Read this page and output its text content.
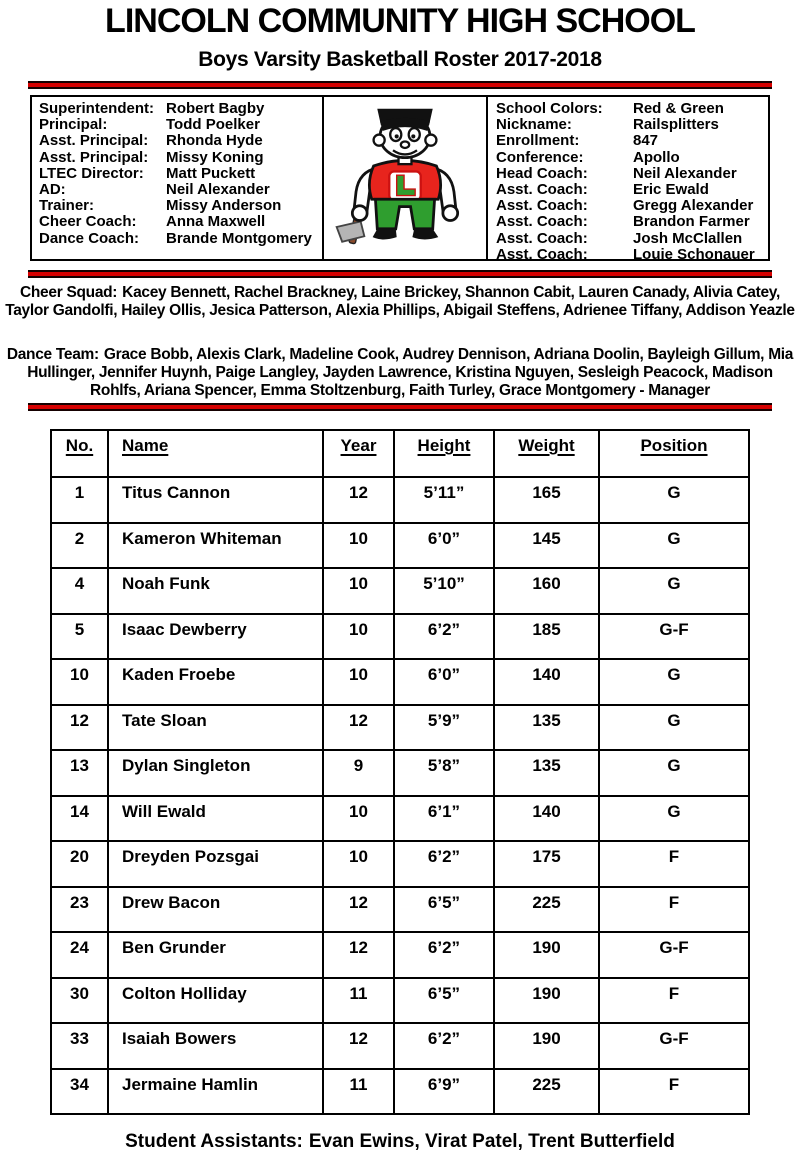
LINCOLN COMMUNITY HIGH SCHOOL
Boys Varsity Basketball Roster 2017-2018
Superintendent: Robert Bagby
Principal:	Todd Poelker
Asst. Principal:	Rhonda Hyde
Asst. Principal:	Missy Koning
LTEC Director:	Matt Puckett
AD:	Neil Alexander
Trainer:	Missy Anderson
Cheer Coach:	Anna Maxwell
Dance Coach:	Brande Montgomery
School Colors:	Red & Green
Nickname:	Railsplitters
Enrollment:	847
Conference:	Apollo
Head Coach:	Neil Alexander
Asst. Coach:	Eric Ewald
Asst. Coach:	Gregg Alexander
Asst. Coach:	Brandon Farmer
Asst. Coach:	Josh McClallen
Asst. Coach:	Louie Schonauer

Cheer Squad: Kacey Bennett, Rachel Brackney, Laine Brickey, Shannon Cabit, Lauren Canady, Alivia Catey, Taylor Gandolfi, Hailey Ollis, Jesica Patterson, Alexia Phillips, Abigail Steffens, Adrienee Tiffany, Addison Yeazle

Dance Team: Grace Bobb, Alexis Clark, Madeline Cook, Audrey Dennison, Adriana Doolin, Bayleigh Gillum, Mia Hullinger, Jennifer Huynh, Paige Langley, Jayden Lawrence, Kristina Nguyen, Sesleigh Peacock, Madison Rohlfs, Ariana Spencer, Emma Stoltzenburg, Faith Turley, Grace Montgomery - Manager

No.	Name	Year	Height	Weight	Position
1	Titus Cannon	12	5’11”	165	G
2	Kameron Whiteman	10	6’0”	145	G
4	Noah Funk	10	5’10”	160	G
5	Isaac Dewberry	10	6’2”	185	G-F
10	Kaden Froebe	10	6’0”	140	G
12	Tate Sloan	12	5’9”	135	G
13	Dylan Singleton	9	5’8”	135	G
14	Will Ewald	10	6’1”	140	G
20	Dreyden Pozsgai	10	6’2”	175	F
23	Drew Bacon	12	6’5”	225	F
24	Ben Grunder	12	6’2”	190	G-F
30	Colton Holliday	11	6’5”	190	F
33	Isaiah Bowers	12	6’2”	190	G-F
34	Jermaine Hamlin	11	6’9”	225	F

Student Assistants: Evan Ewins, Virat Patel, Trent Butterfield
